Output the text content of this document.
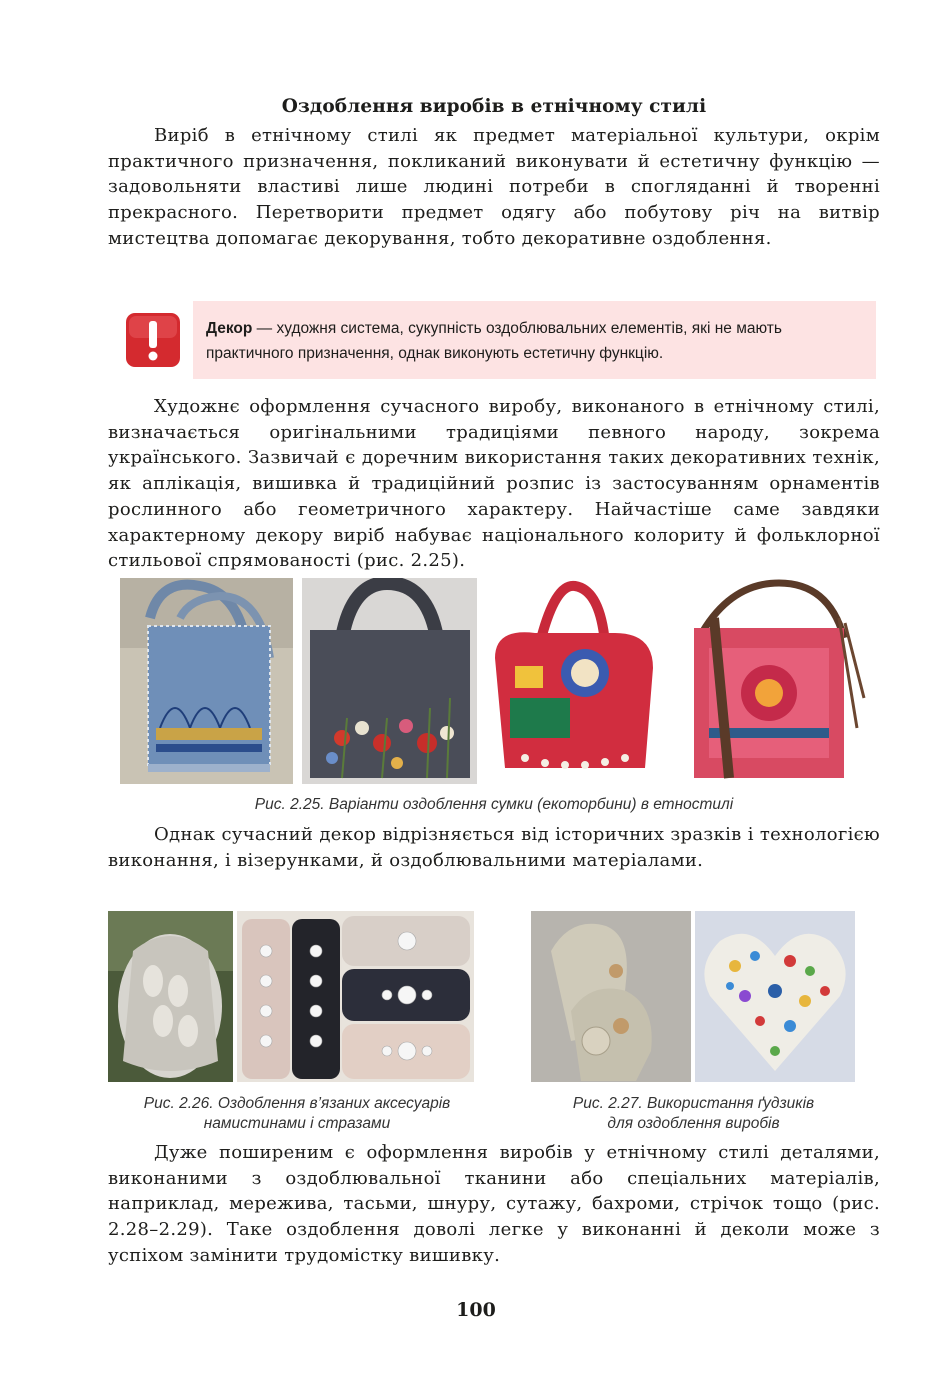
Оздоблення виробів в етнічному стилі

Виріб в етнічному стилі як предмет матеріальної культури, окрім практичного призначення, покликаний виконувати й естетичну функцію — задовольняти властиві лише людині потреби в спогляданні й творенні прекрасного. Перетворити предмет одягу або побутову річ на витвір мистецтва допомагає декорування, тобто декоративне оздоблення.

Декор — художня система, сукупність оздоблювальних елементів, які не мають практичного призначення, однак виконують естетичну функцію.

Художнє оформлення сучасного виробу, виконаного в етнічному стилі, визначається оригінальними традиціями певного народу, зокрема українського. Зазвичай є доречним використання таких декоративних технік, як аплікація, вишивка й традиційний розпис із застосуванням орнаментів рослинного або геометричного характеру. Найчастіше саме завдяки характерному декору виріб набуває національного колориту й фольклорної стильової спрямованості (рис. 2.25).

Рис. 2.25. Варіанти оздоблення сумки (екоторбини) в етностилі

Однак сучасний декор відрізняється від історичних зразків і технологією виконання, і візерунками, й оздоблювальними матеріалами.

Рис. 2.26. Оздоблення в’язаних аксесуарів
намистинами і стразами
Рис. 2.27. Використання ґудзиків
для оздоблення виробів

Дуже поширеним є оформлення виробів у етнічному стилі деталями, виконаними з оздоблювальної тканини або спеціальних матеріалів, наприклад, мережива, тасьми, шнуру, сутажу, бахроми, стрічок тощо (рис. 2.28–2.29). Таке оздоблення доволі легке у виконанні й деколи може з успіхом замінити трудомістку вишивку.

100
